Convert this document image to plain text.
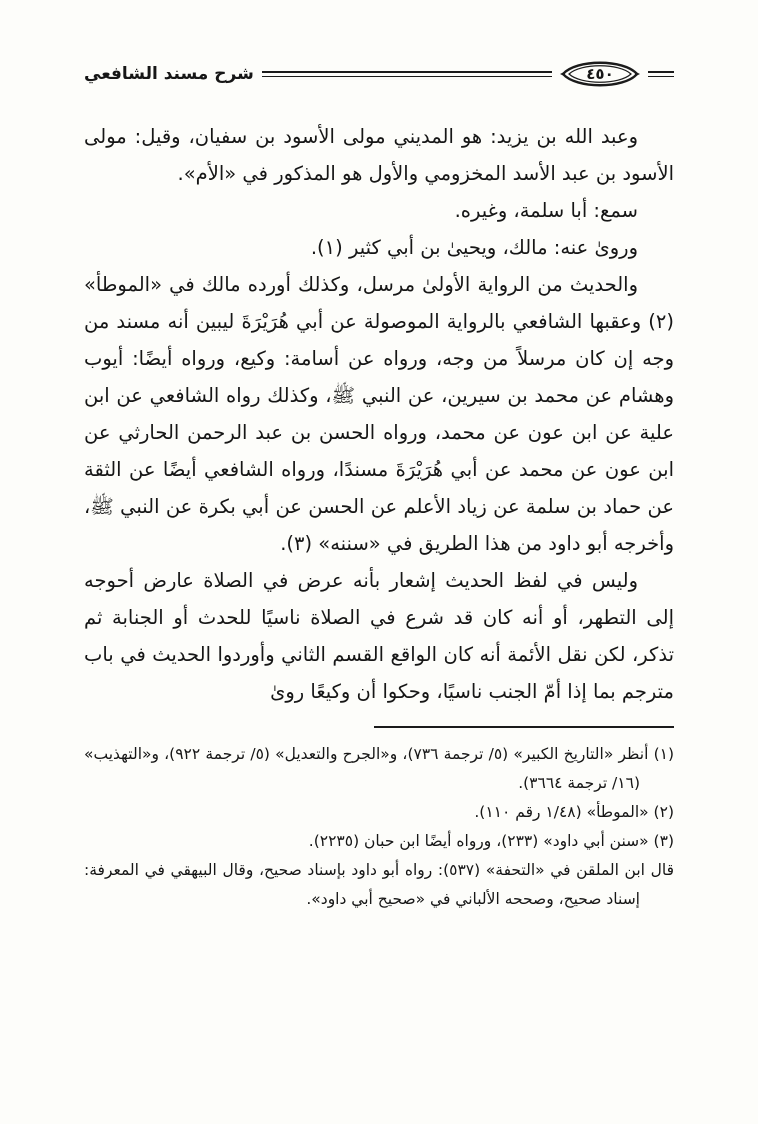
شرح مسند الشافعي	٤٥٠

وعبد الله بن يزيد: هو المديني مولى الأسود بن سفيان، وقيل: مولى الأسود بن عبد الأسد المخزومي والأول هو المذكور في «الأم».

سمع: أبا سلمة، وغيره.

وروىٰ عنه: مالك، ويحيىٰ بن أبي كثير (١).

والحديث من الرواية الأولىٰ مرسل، وكذلك أورده مالك في «الموطأ» (٢) وعقبها الشافعي بالرواية الموصولة عن أبي هُرَيْرَةَ ليبين أنه مسند من وجه إن كان مرسلاً من وجه، ورواه عن أسامة: وكيع، ورواه أيضًا: أيوب وهشام عن محمد بن سيرين، عن النبي ﷺ، وكذلك رواه الشافعي عن ابن علية عن ابن عون عن محمد، ورواه الحسن بن عبد الرحمن الحارثي عن ابن عون عن محمد عن أبي هُرَيْرَةَ مسندًا، ورواه الشافعي أيضًا عن الثقة عن حماد بن سلمة عن زياد الأعلم عن الحسن عن أبي بكرة عن النبي ﷺ، وأخرجه أبو داود من هذا الطريق في «سننه» (٣).

وليس في لفظ الحديث إشعار بأنه عرض في الصلاة عارض أحوجه إلى التطهر، أو أنه كان قد شرع في الصلاة ناسيًا للحدث أو الجنابة ثم تذكر، لكن نقل الأئمة أنه كان الواقع القسم الثاني وأوردوا الحديث في باب مترجم بما إذا أمّ الجنب ناسيًا، وحكوا أن وكيعًا روىٰ

(١) أنظر «التاريخ الكبير» (٥/ ترجمة ٧٣٦)، و«الجرح والتعديل» (٥/ ترجمة ٩٢٢)، و«التهذيب» (١٦/ ترجمة ٣٦٦٤).

(٢) «الموطأ» (١/٤٨ رقم ١١٠).

(٣) «سنن أبي داود» (٢٣٣)، ورواه أيضًا ابن حبان (٢٢٣٥).

قال ابن الملقن في «التحفة» (٥٣٧): رواه أبو داود بإسناد صحيح، وقال البيهقي في المعرفة: إسناد صحيح، وصححه الألباني في «صحيح أبي داود».
